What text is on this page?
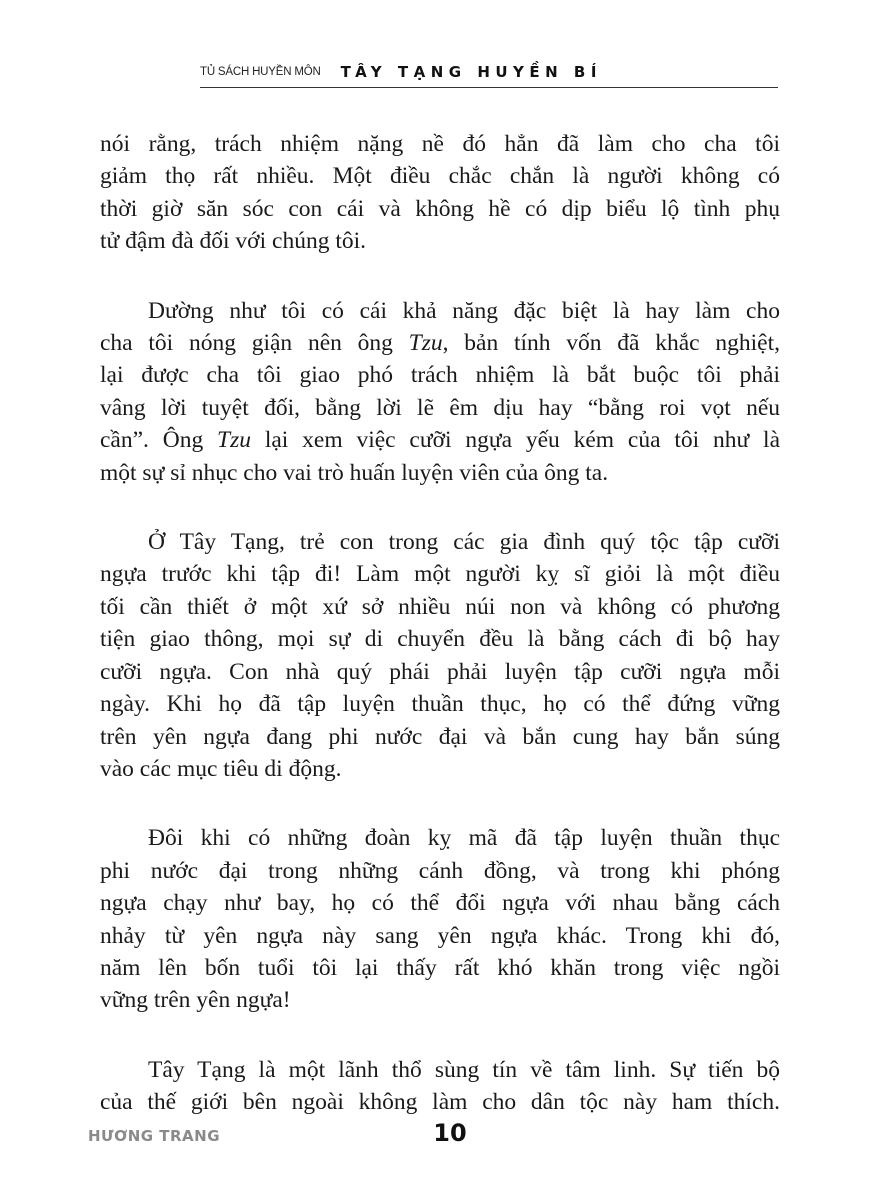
TỦ SÁCH HUYỀN MÔN TÂY TẠNG HUYỀN BÍ

nói rằng, trách nhiệm nặng nề đó hẳn đã làm cho cha tôi
giảm thọ rất nhiều. Một điều chắc chắn là người không có
thời giờ săn sóc con cái và không hề có dịp biểu lộ tình phụ
tử đậm đà đối với chúng tôi.

Dường như tôi có cái khả năng đặc biệt là hay làm cho
cha tôi nóng giận nên ông Tzu, bản tính vốn đã khắc nghiệt,
lại được cha tôi giao phó trách nhiệm là bắt buộc tôi phải
vâng lời tuyệt đối, bằng lời lẽ êm dịu hay “bằng roi vọt nếu
cần”. Ông Tzu lại xem việc cưỡi ngựa yếu kém của tôi như là
một sự sỉ nhục cho vai trò huấn luyện viên của ông ta.

Ở Tây Tạng, trẻ con trong các gia đình quý tộc tập cưỡi
ngựa trước khi tập đi! Làm một người kỵ sĩ giỏi là một điều
tối cần thiết ở một xứ sở nhiều núi non và không có phương
tiện giao thông, mọi sự di chuyển đều là bằng cách đi bộ hay
cưỡi ngựa. Con nhà quý phái phải luyện tập cưỡi ngựa mỗi
ngày. Khi họ đã tập luyện thuần thục, họ có thể đứng vững
trên yên ngựa đang phi nước đại và bắn cung hay bắn súng
vào các mục tiêu di động.

Đôi khi có những đoàn kỵ mã đã tập luyện thuần thục
phi nước đại trong những cánh đồng, và trong khi phóng
ngựa chạy như bay, họ có thể đổi ngựa với nhau bằng cách
nhảy từ yên ngựa này sang yên ngựa khác. Trong khi đó,
năm lên bốn tuổi tôi lại thấy rất khó khăn trong việc ngồi
vững trên yên ngựa!

Tây Tạng là một lãnh thổ sùng tín về tâm linh. Sự tiến bộ
của thế giới bên ngoài không làm cho dân tộc này ham thích.

HƯƠNG TRANG	10
